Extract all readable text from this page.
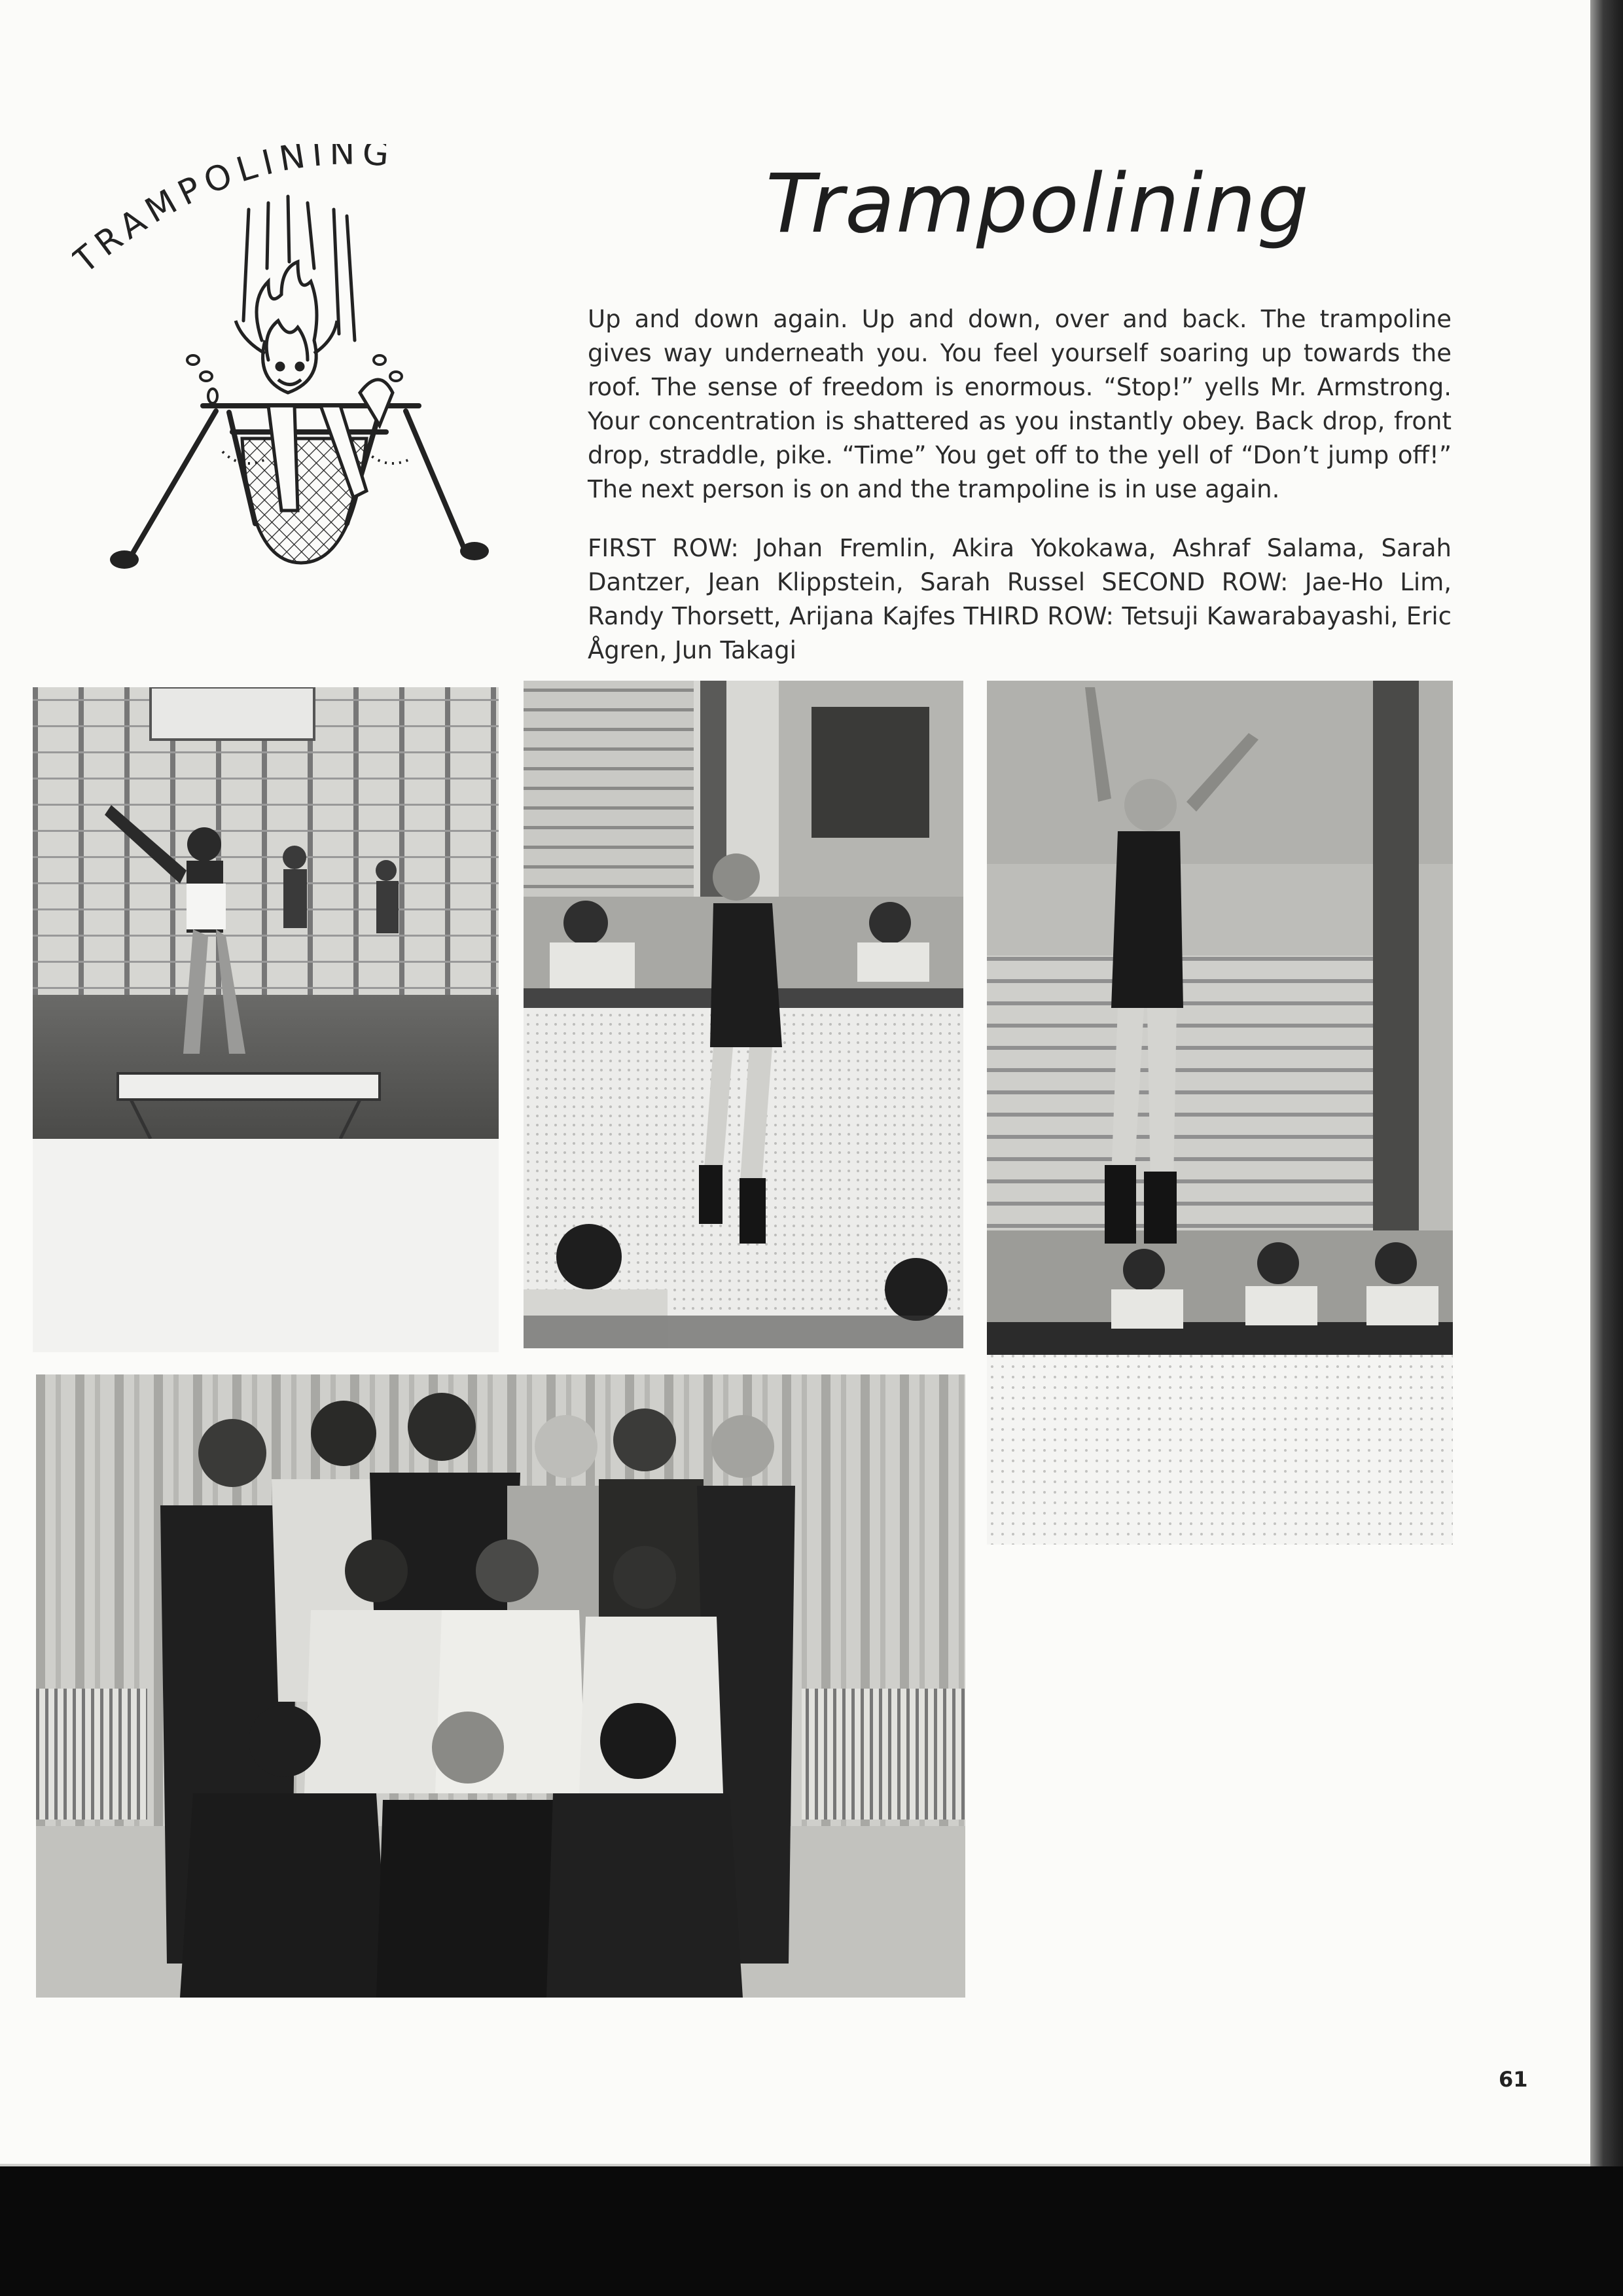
RAMPOLINING
Trampolining

Up and down again. Up and down, over and back. The trampoline gives way underneath you. You feel yourself soaring up towards the roof. The sense of freedom is enormous. “Stop!” yells Mr. Armstrong. Your concentration is shattered as you instantly obey. Back drop, front drop, straddle, pike. “Time” You get off to the yell of “Don’t jump off!” The next person is on and the trampoline is in use again.

FIRST ROW: Johan Fremlin, Akira Yokokawa, Ashraf Salama, Sarah Dantzer, Jean Klippstein, Sarah Russel SECOND ROW: Jae-Ho Lim, Randy Thorsett, Arijana Kajfes THIRD ROW: Tetsuji Kawarabayashi, Eric Ågren, Jun Takagi

61
